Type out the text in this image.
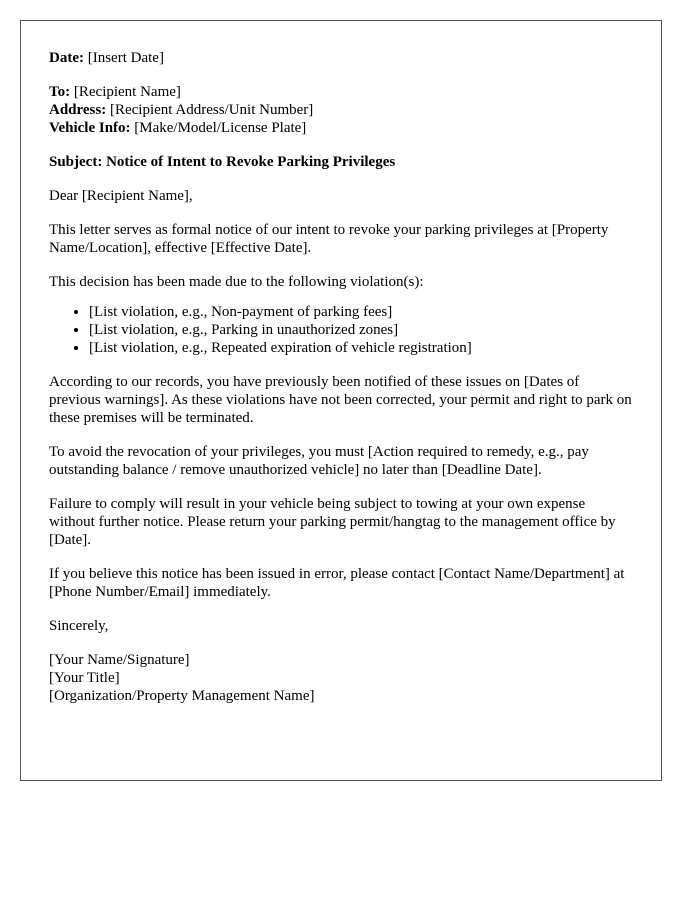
Date: [Insert Date]

To: [Recipient Name]
Address: [Recipient Address/Unit Number]
Vehicle Info: [Make/Model/License Plate]

Subject: Notice of Intent to Revoke Parking Privileges

Dear [Recipient Name],

This letter serves as formal notice of our intent to revoke your parking privileges at [Property Name/Location], effective [Effective Date].

This decision has been made due to the following violation(s):

• [List violation, e.g., Non-payment of parking fees]
• [List violation, e.g., Parking in unauthorized zones]
• [List violation, e.g., Repeated expiration of vehicle registration]

According to our records, you have previously been notified of these issues on [Dates of previous warnings]. As these violations have not been corrected, your permit and right to park on these premises will be terminated.

To avoid the revocation of your privileges, you must [Action required to remedy, e.g., pay outstanding balance / remove unauthorized vehicle] no later than [Deadline Date].

Failure to comply will result in your vehicle being subject to towing at your own expense without further notice. Please return your parking permit/hangtag to the management office by [Date].

If you believe this notice has been issued in error, please contact [Contact Name/Department] at [Phone Number/Email] immediately.

Sincerely,

[Your Name/Signature]

[Your Title]

[Organization/Property Management Name]
